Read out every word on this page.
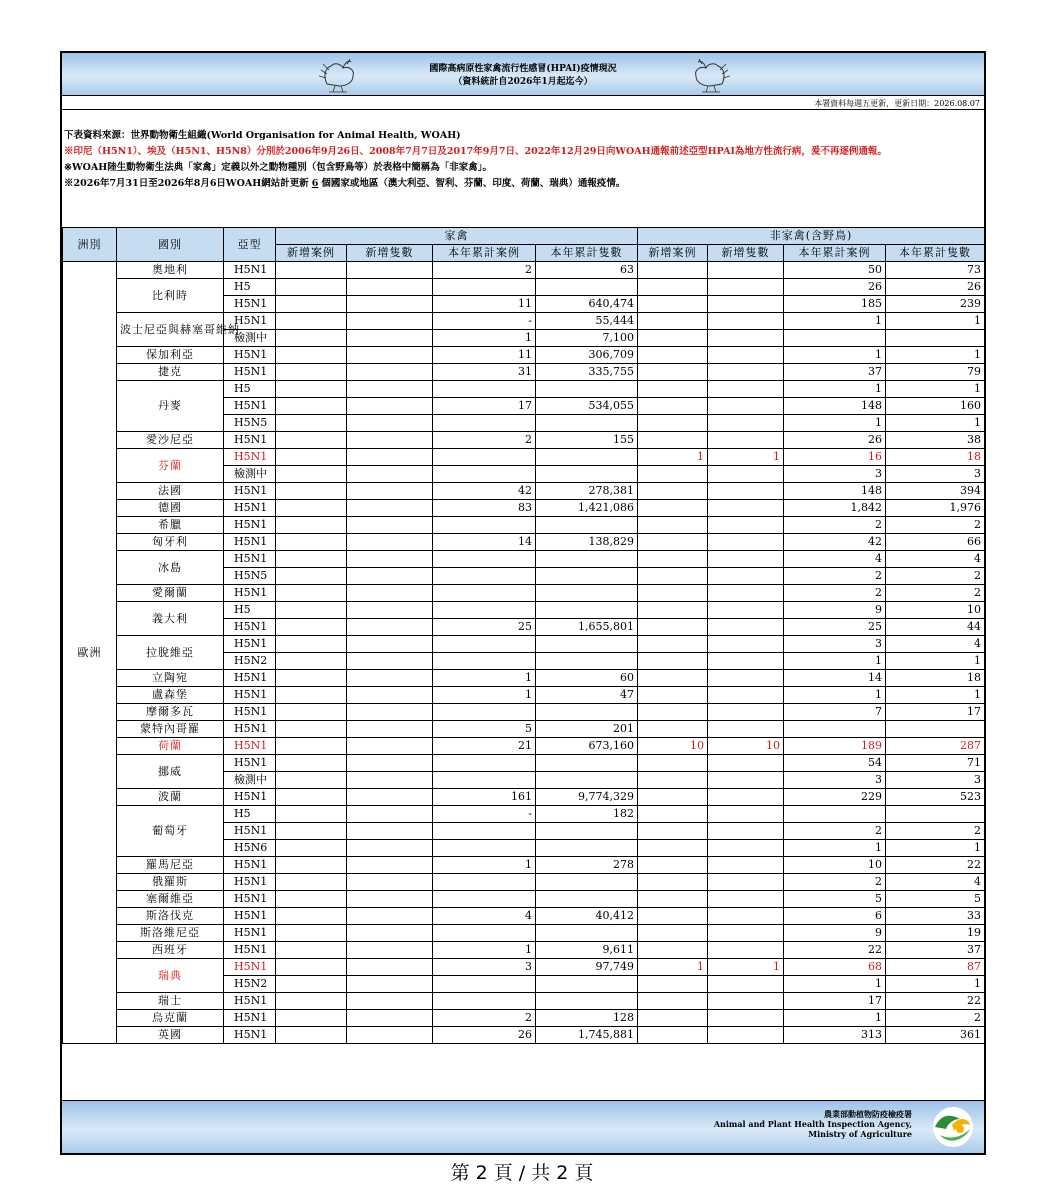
國際高病原性家禽流行性感冒(HPAI)疫情現況
（資料統計自2026年1月起迄今）
本署資料每週五更新，更新日期：2026.08.07
下表資料來源：世界動物衛生組織(World Organisation for Animal Health, WOAH)
※印尼（H5N1）、埃及（H5N1、H5N8）分別於2006年9月26日、2008年7月7日及2017年9月7日、2022年12月29日向WOAH通報前述亞型HPAI為地方性流行病，爰不再逐例通報。
※WOAH陸生動物衛生法典「家禽」定義以外之動物種別（包含野鳥等）於表格中簡稱為「非家禽」。
※2026年7月31日至2026年8月6日WOAH網站計更新 6 個國家或地區（澳大利亞、智利、芬蘭、印度、荷蘭、瑞典）通報疫情。
洲別	國別	亞型	家禽				非家禽(含野鳥)			
			新增案例	新增隻數	本年累計案例	本年累計隻數	新增案例	新增隻數	本年累計案例	本年累計隻數
歐洲	奧地利	H5N1			2	63			50	73
	比利時	H5							26	26
		H5N1			11	640,474			185	239
	波士尼亞與赫塞哥維納	H5N1			-	55,444			1	1
		檢測中			1	7,100				
	保加利亞	H5N1			11	306,709			1	1
	捷克	H5N1			31	335,755			37	79
	丹麥	H5							1	1
		H5N1			17	534,055			148	160
		H5N5							1	1
	愛沙尼亞	H5N1			2	155			26	38
	芬蘭	H5N1					1	1	16	18
		檢測中							3	3
	法國	H5N1			42	278,381			148	394
	德國	H5N1			83	1,421,086			1,842	1,976
	希臘	H5N1							2	2
	匈牙利	H5N1			14	138,829			42	66
	冰島	H5N1							4	4
		H5N5							2	2
	愛爾蘭	H5N1							2	2
	義大利	H5							9	10
		H5N1			25	1,655,801			25	44
	拉脫維亞	H5N1							3	4
		H5N2							1	1
	立陶宛	H5N1			1	60			14	18
	盧森堡	H5N1			1	47			1	1
	摩爾多瓦	H5N1							7	17
	蒙特內哥羅	H5N1			5	201				
	荷蘭	H5N1			21	673,160	10	10	189	287
	挪威	H5N1							54	71
		檢測中							3	3
	波蘭	H5N1			161	9,774,329			229	523
	葡萄牙	H5			-	182				
		H5N1							2	2
		H5N6							1	1
	羅馬尼亞	H5N1			1	278			10	22
	俄羅斯	H5N1							2	4
	塞爾維亞	H5N1							5	5
	斯洛伐克	H5N1			4	40,412			6	33
	斯洛維尼亞	H5N1							9	19
	西班牙	H5N1			1	9,611			22	37
	瑞典	H5N1			3	97,749	1	1	68	87
		H5N2							1	1
	瑞士	H5N1							17	22
	烏克蘭	H5N1			2	128			1	2
	英國	H5N1			26	1,745,881			313	361
農業部動植物防疫檢疫署
Animal and Plant Health Inspection Agency,
Ministry of Agriculture
第 2 頁 / 共 2 頁
